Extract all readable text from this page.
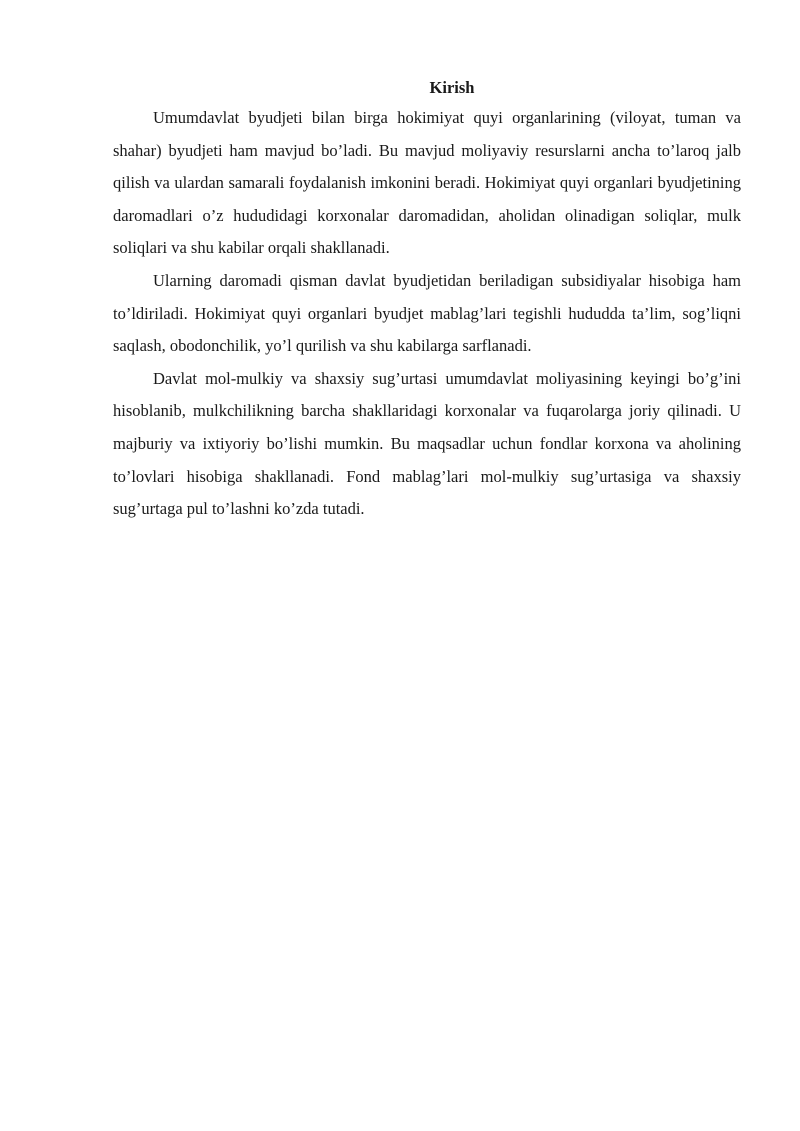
Kirish

Umumdavlat byudjeti bilan birga hokimiyat quyi organlarining (viloyat, tuman va shahar) byudjeti ham mavjud bo’ladi. Bu mavjud moliyaviy resurslarni ancha to’laroq jalb qilish va ulardan samarali foydalanish imkonini beradi. Hokimiyat quyi organlari byudjetining daromadlari o’z hududidagi korxonalar daromadidan, aholidan olinadigan soliqlar, mulk soliqlari va shu kabilar orqali shakllanadi.

Ularning daromadi qisman davlat byudjetidan beriladigan subsidiyalar hisobiga ham to’ldiriladi. Hokimiyat quyi organlari byudjet mablag’lari tegishli hududda ta’lim, sog’liqni saqlash, obodonchilik, yo’l qurilish va shu kabilarga sarflanadi.

Davlat mol-mulkiy va shaxsiy sug’urtasi umumdavlat moliyasining keyingi bo’g’ini hisoblanib, mulkchilikning barcha shakllaridagi korxonalar va fuqarolarga joriy qilinadi. U majburiy va ixtiyoriy bo’lishi mumkin. Bu maqsadlar uchun fondlar korxona va aholining to’lovlari hisobiga shakllanadi. Fond mablag’lari mol-mulkiy sug’urtasiga va shaxsiy sug’urtaga pul to’lashni ko’zda tutadi.
